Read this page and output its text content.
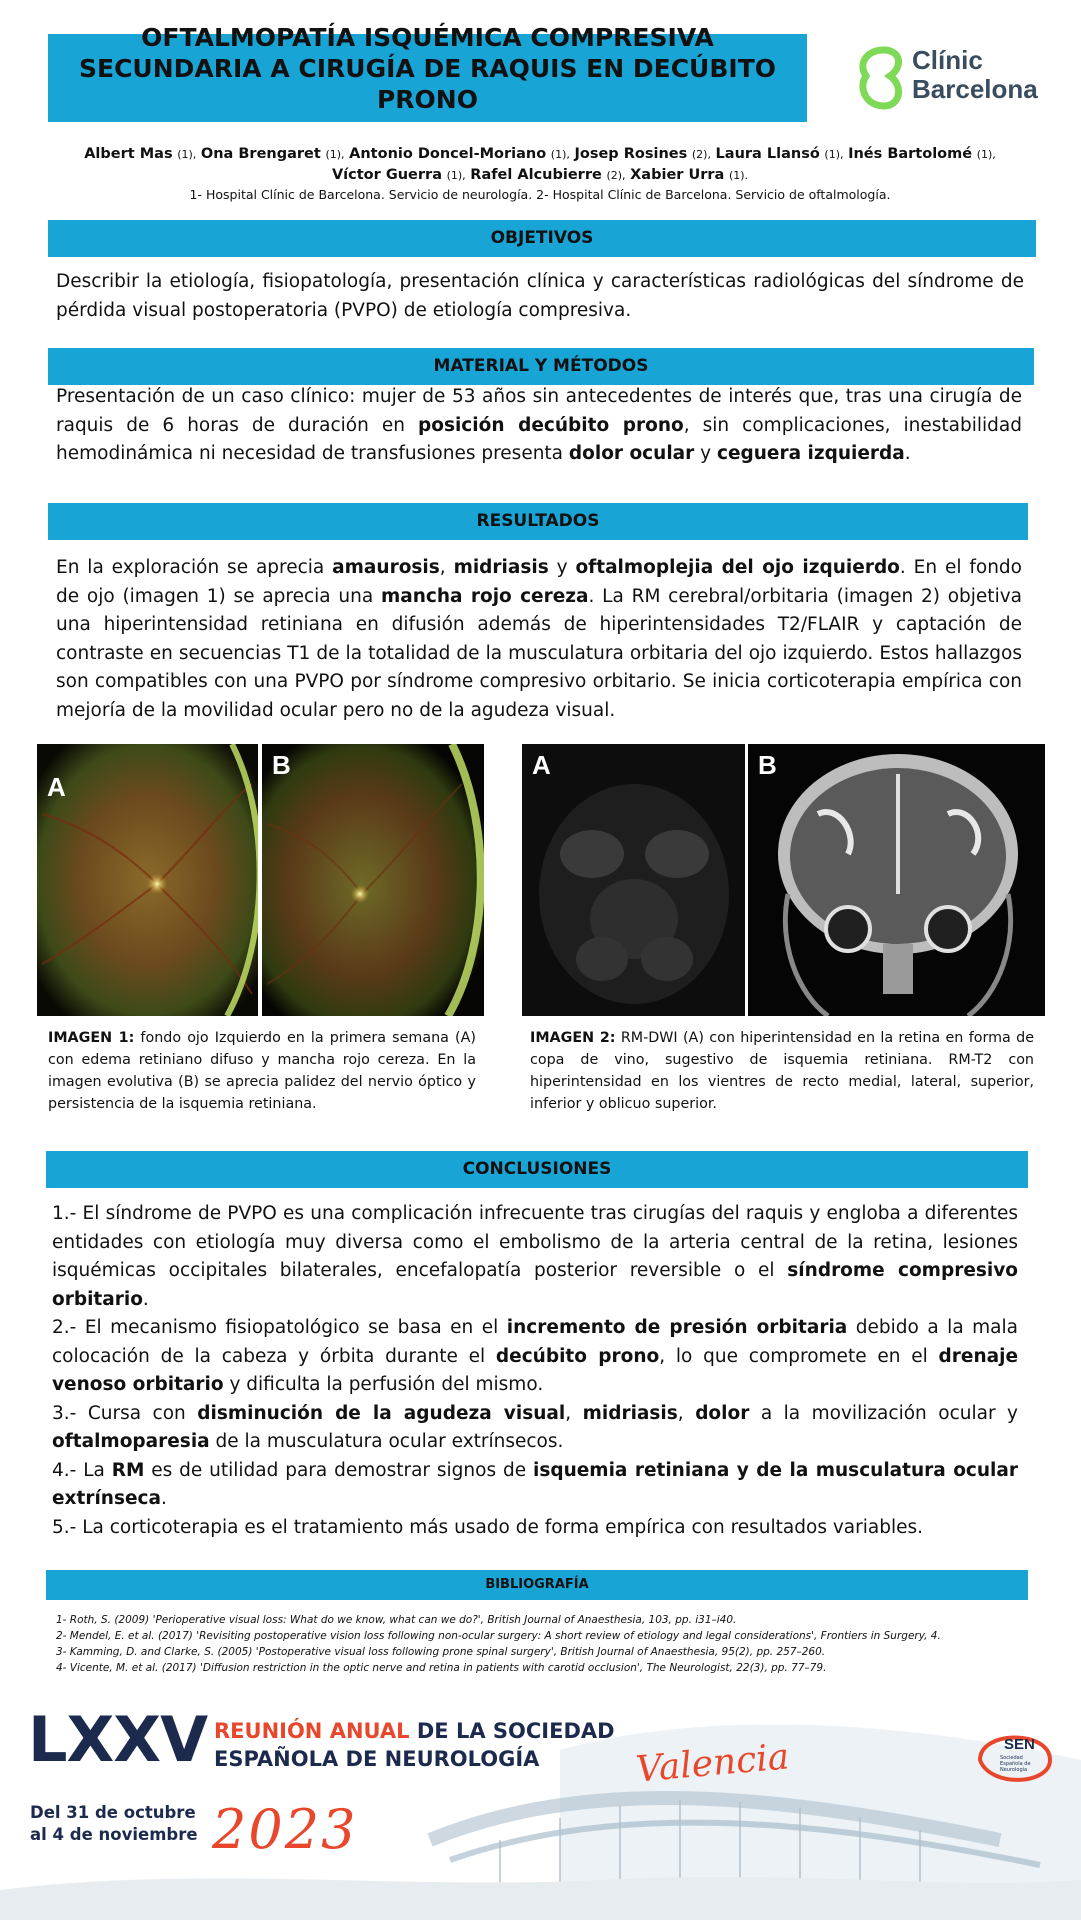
OFTALMOPATÍA ISQUÉMICA COMPRESIVA
SECUNDARIA A CIRUGÍA DE RAQUIS EN DECÚBITO
PRONO
Clínic
Barcelona
Albert Mas (1), Ona Brengaret (1), Antonio Doncel-Moriano (1), Josep Rosines (2), Laura Llansó (1), Inés Bartolomé (1), Víctor Guerra (1), Rafel Alcubierre (2), Xabier Urra (1).
1- Hospital Clínic de Barcelona. Servicio de neurología. 2- Hospital Clínic de Barcelona. Servicio de oftalmología.
OBJETIVOS
Describir la etiología, fisiopatología, presentación clínica y características radiológicas del síndrome de pérdida visual postoperatoria (PVPO) de etiología compresiva.
MATERIAL Y MÉTODOS
Presentación de un caso clínico: mujer de 53 años sin antecedentes de interés que, tras una cirugía de raquis de 6 horas de duración en posición decúbito prono, sin complicaciones, inestabilidad hemodinámica ni necesidad de transfusiones presenta dolor ocular y ceguera izquierda.
RESULTADOS
En la exploración se aprecia amaurosis, midriasis y oftalmoplejia del ojo izquierdo. En el fondo de ojo (imagen 1) se aprecia una mancha rojo cereza. La RM cerebral/orbitaria (imagen 2) objetiva una hiperintensidad retiniana en difusión además de hiperintensidades T2/FLAIR y captación de contraste en secuencias T1 de la totalidad de la musculatura orbitaria del ojo izquierdo. Estos hallazgos son compatibles con una PVPO por síndrome compresivo orbitario. Se inicia corticoterapia empírica con mejoría de la movilidad ocular pero no de la agudeza visual.
A
B	A	B
IMAGEN 1: fondo ojo Izquierdo en la primera semana (A) con edema retiniano difuso y mancha rojo cereza. En la imagen evolutiva (B) se aprecia palidez del nervio óptico y persistencia de la isquemia retiniana.
IMAGEN 2: RM-DWI (A) con hiperintensidad en la retina en forma de copa de vino, sugestivo de isquemia retiniana. RM-T2 con hiperintensidad en los vientres de recto medial, lateral, superior, inferior y oblicuo superior.
CONCLUSIONES
1.- El síndrome de PVPO es una complicación infrecuente tras cirugías del raquis y engloba a diferentes entidades con etiología muy diversa como el embolismo de la arteria central de la retina, lesiones isquémicas occipitales bilaterales, encefalopatía posterior reversible o el síndrome compresivo orbitario.
2.- El mecanismo fisiopatológico se basa en el incremento de presión orbitaria debido a la mala colocación de la cabeza y órbita durante el decúbito prono, lo que compromete en el drenaje venoso orbitario y dificulta la perfusión del mismo.
3.- Cursa con disminución de la agudeza visual, midriasis, dolor a la movilización ocular y oftalmoparesia de la musculatura ocular extrínsecos.
4.- La RM es de utilidad para demostrar signos de isquemia retiniana y de la musculatura ocular extrínseca.
5.- La corticoterapia es el tratamiento más usado de forma empírica con resultados variables.
BIBLIOGRAFÍA
1- Roth, S. (2009) 'Perioperative visual loss: What do we know, what can we do?', British Journal of Anaesthesia, 103, pp. i31–i40.
2- Mendel, E. et al. (2017) 'Revisiting postoperative vision loss following non-ocular surgery: A short review of etiology and legal considerations', Frontiers in Surgery, 4.
3- Kamming, D. and Clarke, S. (2005) 'Postoperative visual loss following prone spinal surgery', British Journal of Anaesthesia, 95(2), pp. 257–260.
4- Vicente, M. et al. (2017) 'Diffusion restriction in the optic nerve and retina in patients with carotid occlusion', The Neurologist, 22(3), pp. 77–79.
LXXV REUNIÓN ANUAL DE LA SOCIEDAD
ESPAÑOLA DE NEUROLOGÍA	Valencia
Del 31 de octubre
al 4 de noviembre 2023
SEN
Sociedad Española de Neurología
